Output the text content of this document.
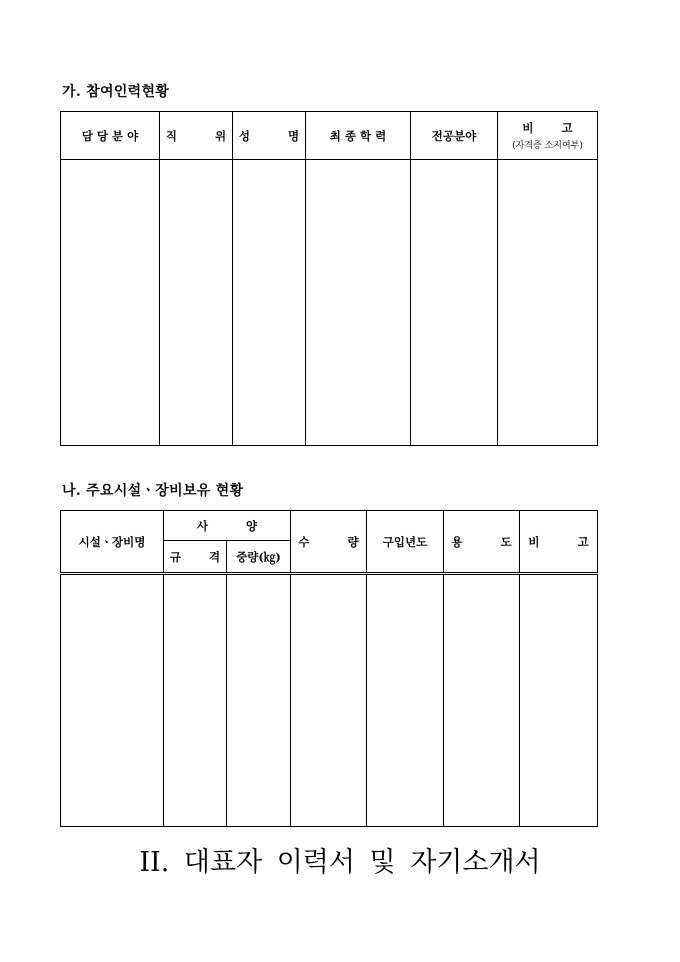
가. 참여인력현황
담 당 분 야	직 위	성 명	최 종 학 력	전공분야	비 고
(자격증 소지여부)

나. 주요시설ㆍ장비보유 현황
시설ㆍ장비명	사 양		수 량	구입년도	용 도	비 고
	규 격	중량(㎏)				

II. 대표자 이력서 및 자기소개서
